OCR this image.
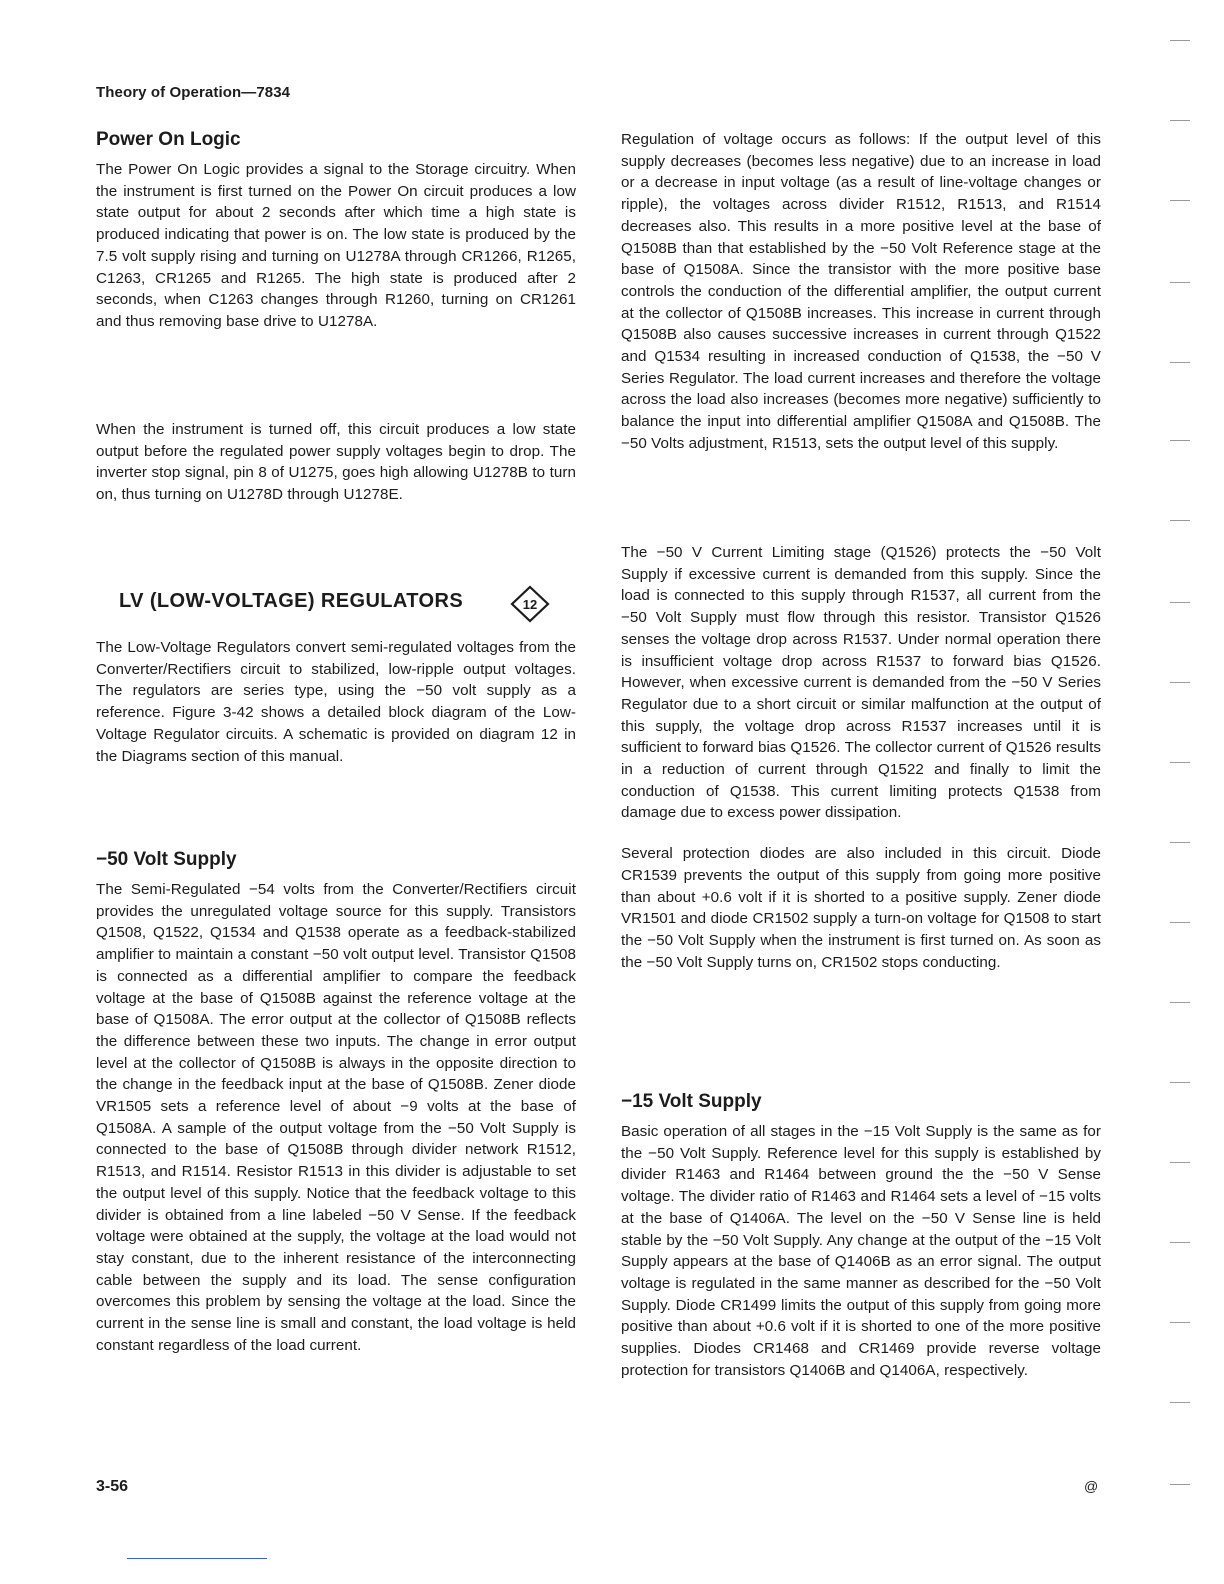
Theory of Operation—7834
Power On Logic

The Power On Logic provides a signal to the Storage circuitry. When the instrument is first turned on the Power On circuit produces a low state output for about 2 seconds after which time a high state is produced indicating that power is on. The low state is produced by the 7.5 volt supply rising and turning on U1278A through CR1266, R1265, C1263, CR1265 and R1265. The high state is produced after 2 seconds, when C1263 changes through R1260, turning on CR1261 and thus removing base drive to U1278A.

When the instrument is turned off, this circuit produces a low state output before the regulated power supply voltages begin to drop. The inverter stop signal, pin 8 of U1275, goes high allowing U1278B to turn on, thus turning on U1278D through U1278E.

LV (LOW-VOLTAGE) REGULATORS	12

The Low-Voltage Regulators convert semi-regulated voltages from the Converter/Rectifiers circuit to stabilized, low-ripple output voltages. The regulators are series type, using the −50 volt supply as a reference. Figure 3-42 shows a detailed block diagram of the Low-Voltage Regulator circuits. A schematic is provided on diagram 12 in the Diagrams section of this manual.

−50 Volt Supply

The Semi-Regulated −54 volts from the Converter/Rectifiers circuit provides the unregulated voltage source for this supply. Transistors Q1508, Q1522, Q1534 and Q1538 operate as a feedback-stabilized amplifier to maintain a constant −50 volt output level. Transistor Q1508 is connected as a differential amplifier to compare the feedback voltage at the base of Q1508B against the reference voltage at the base of Q1508A. The error output at the collector of Q1508B reflects the difference between these two inputs. The change in error output level at the collector of Q1508B is always in the opposite direction to the change in the feedback input at the base of Q1508B. Zener diode VR1505 sets a reference level of about −9 volts at the base of Q1508A. A sample of the output voltage from the −50 Volt Supply is connected to the base of Q1508B through divider network R1512, R1513, and R1514. Resistor R1513 in this divider is adjustable to set the output level of this supply. Notice that the feedback voltage to this divider is obtained from a line labeled −50 V Sense. If the feedback voltage were obtained at the supply, the voltage at the load would not stay constant, due to the inherent resistance of the interconnecting cable between the supply and its load. The sense configuration overcomes this problem by sensing the voltage at the load. Since the current in the sense line is small and constant, the load voltage is held constant regardless of the load current.

Regulation of voltage occurs as follows: If the output level of this supply decreases (becomes less negative) due to an increase in load or a decrease in input voltage (as a result of line-voltage changes or ripple), the voltages across divider R1512, R1513, and R1514 decreases also. This results in a more positive level at the base of Q1508B than that established by the −50 Volt Reference stage at the base of Q1508A. Since the transistor with the more positive base controls the conduction of the differential amplifier, the output current at the collector of Q1508B increases. This increase in current through Q1508B also causes successive increases in current through Q1522 and Q1534 resulting in increased conduction of Q1538, the −50 V Series Regulator. The load current increases and therefore the voltage across the load also increases (becomes more negative) sufficiently to balance the input into differential amplifier Q1508A and Q1508B. The −50 Volts adjustment, R1513, sets the output level of this supply.

The −50 V Current Limiting stage (Q1526) protects the −50 Volt Supply if excessive current is demanded from this supply. Since the load is connected to this supply through R1537, all current from the −50 Volt Supply must flow through this resistor. Transistor Q1526 senses the voltage drop across R1537. Under normal operation there is insufficient voltage drop across R1537 to forward bias Q1526. However, when excessive current is demanded from the −50 V Series Regulator due to a short circuit or similar malfunction at the output of this supply, the voltage drop across R1537 increases until it is sufficient to forward bias Q1526. The collector current of Q1526 results in a reduction of current through Q1522 and finally to limit the conduction of Q1538. This current limiting protects Q1538 from damage due to excess power dissipation.

Several protection diodes are also included in this circuit. Diode CR1539 prevents the output of this supply from going more positive than about +0.6 volt if it is shorted to a positive supply. Zener diode VR1501 and diode CR1502 supply a turn-on voltage for Q1508 to start the −50 Volt Supply when the instrument is first turned on. As soon as the −50 Volt Supply turns on, CR1502 stops conducting.

−15 Volt Supply

Basic operation of all stages in the −15 Volt Supply is the same as for the −50 Volt Supply. Reference level for this supply is established by divider R1463 and R1464 between ground the the −50 V Sense voltage. The divider ratio of R1463 and R1464 sets a level of −15 volts at the base of Q1406A. The level on the −50 V Sense line is held stable by the −50 Volt Supply. Any change at the output of the −15 Volt Supply appears at the base of Q1406B as an error signal. The output voltage is regulated in the same manner as described for the −50 Volt Supply. Diode CR1499 limits the output of this supply from going more positive than about +0.6 volt if it is shorted to one of the more positive supplies. Diodes CR1468 and CR1469 provide reverse voltage protection for transistors Q1406B and Q1406A, respectively.

3-56	@
